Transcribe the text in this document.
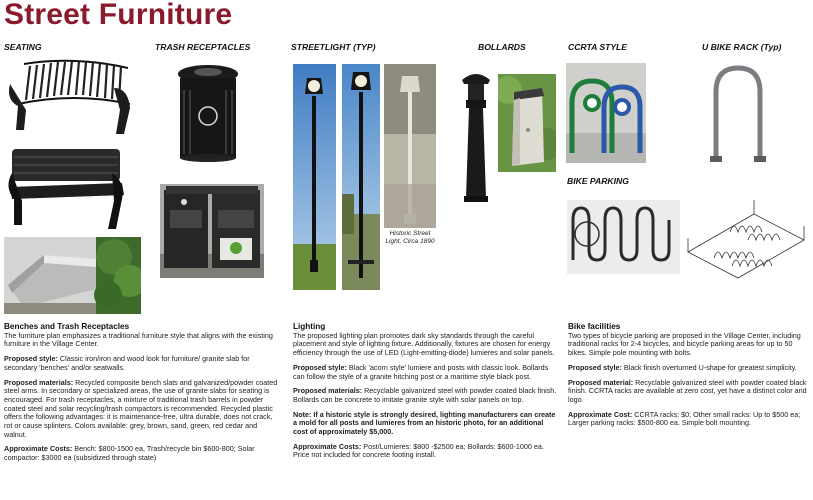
Street Furniture
SEATING	TRASH RECEPTACLES	STREETLIGHT (TYP)	BOLLARDS	CCRTA STYLE	U BIKE RACK (Typ)
BIKE PARKING
Historic Street Light, Circa 1890
Benches and Trash Receptacles

The furniture plan emphasizes a traditional furniture style that aligns with the existing furniture in the Village Center.

Proposed style: Classic iron/iron and wood look for furniture/ granite slab for secondary 'benches' and/or seatwalls.

Proposed materials: Recycled composite bench slats and galvanized/powder coated steel arms. In secondary or specialized areas, the use of granite slabs for seating is encouraged. For trash receptacles, a mixture of traditional trash barrels in powder coated steel and solar recycling/trash compactors is recommended. Recycled plastic offers the following advantages: it is maintenance-free, ultra durable, does not crack, rot or cause splinters. Colors available: grey, brown, sand, green, red cedar and walnut.

Approximate Costs: Bench: $800-1500 ea, Trash/recycle bin $600-800; Solar compactor: $3000 ea (subsidized through state)

Lighting

The proposed lighting plan promotes dark sky standards through the careful placement and style of lighting fixture. Additionally, fixtures are chosen for energy efficiency through the use of LED (Light-emitting-diode) lumieres and solar panels.

Proposed style: Black 'acorn style' lumiere and posts with classic look. Bollards can follow the style of a granite hitching post or a maritime style black post.

Proposed materials: Recyclable galvanized steel with powder coated black finish. Bollards can be concrete to imitate granite style with solar panels on top.

Note: If a historic style is strongly desired, lighting manufacturers can create a mold for all posts and lumieres from an historic photo, for an additional cost of approximately $5,000.

Approximate Costs: Post/Lumieres: $800 -$2500 ea; Bollards: $600-1000 ea. Price not included for concrete footing install.

Bike facilities

Two types of bicycle parking are proposed in the Village Center, including traditional racks for 2-4 bicycles, and bicycle parking areas for up to 50 bikes. Simple pole mounting with bolts.

Proposed style: Black finish overturned U-shape for greatest simplicity.

Proposed material: Recyclable galvanized steel with powder coated black finish. CCRTA racks are available at zero cost, yet have a distinct color and logo.

Approximate Cost: CCRTA racks: $0; Other small racks: Up to $500 ea; Larger parking racks: $500-800 ea. Simple bolt mounting.
